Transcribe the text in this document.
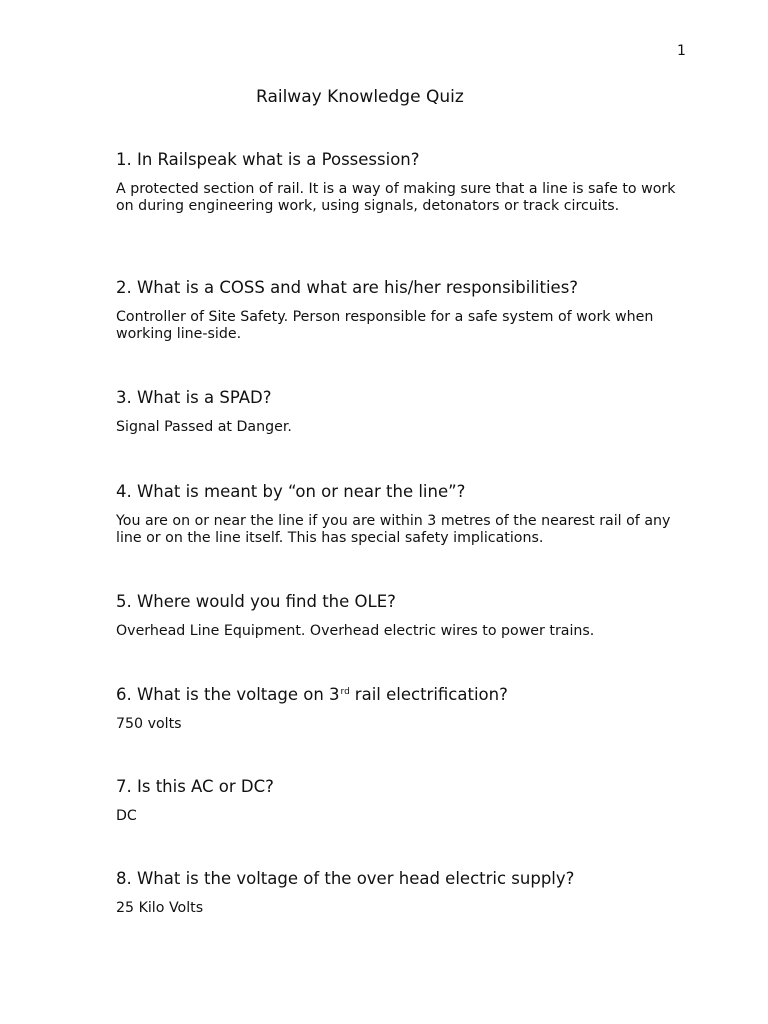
1
Railway Knowledge Quiz

1. In Railspeak what is a Possession?

A protected section of rail. It is a way of making sure that a line is safe to work on during engineering work, using signals, detonators or track circuits.

2. What is a COSS and what are his/her responsibilities?

Controller of Site Safety. Person responsible for a safe system of work when working line-side.

3. What is a SPAD?

Signal Passed at Danger.

4. What is meant by “on or near the line”?

You are on or near the line if you are within 3 metres of the nearest rail of any line or on the line itself. This has special safety implications.

5. Where would you find the OLE?

Overhead Line Equipment. Overhead electric wires to power trains.

6. What is the voltage on 3rd rail electrification?

750 volts

7. Is this AC or DC?

DC

8. What is the voltage of the over head electric supply?

25 Kilo Volts
